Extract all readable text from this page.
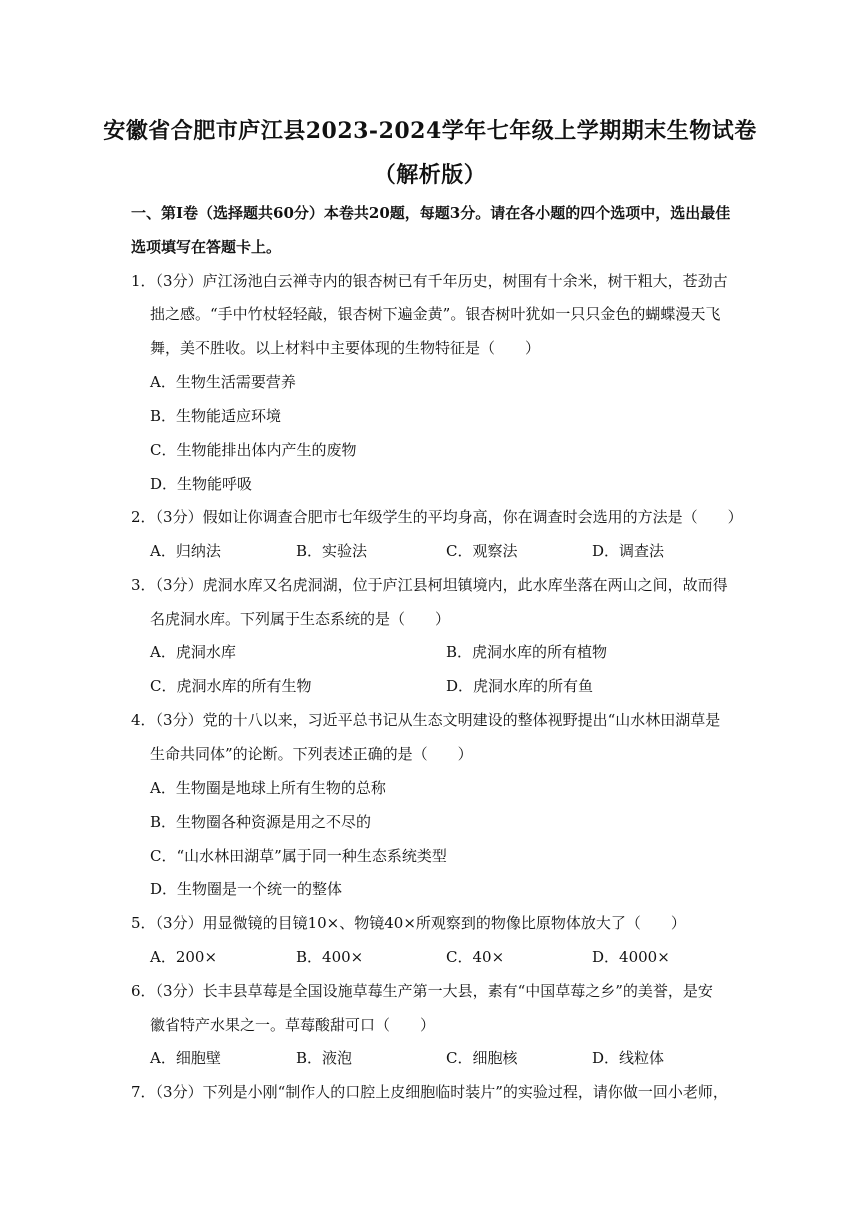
安徽省合肥市庐江县2023-2024学年七年级上学期期末生物试卷
（解析版）
一、第Ⅰ卷（选择题共60分）本卷共20题，每题3分。请在各小题的四个选项中，选出最佳选项填写在答题卡上。
1．（3分）庐江汤池白云禅寺内的银杏树已有千年历史，树围有十余米，树干粗大，苍劲古
拙之感。“手中竹杖轻轻敲，银杏树下遍金黄”。银杏树叶犹如一只只金色的蝴蝶漫天飞
舞，美不胜收。以上材料中主要体现的生物特征是（　　）
A．生物生活需要营养
B．生物能适应环境
C．生物能排出体内产生的废物
D．生物能呼吸
2．（3分）假如让你调查合肥市七年级学生的平均身高，你在调查时会选用的方法是（　　）
A．归纳法	B．实验法	C．观察法	D．调查法
3．（3分）虎洞水库又名虎洞湖，位于庐江县柯坦镇境内，此水库坐落在两山之间，故而得
名虎洞水库。下列属于生态系统的是（　　）
A．虎洞水库	B．虎洞水库的所有植物
C．虎洞水库的所有生物	D．虎洞水库的所有鱼
4．（3分）党的十八以来，习近平总书记从生态文明建设的整体视野提出“山水林田湖草是
生命共同体”的论断。下列表述正确的是（　　）
A．生物圈是地球上所有生物的总称
B．生物圈各种资源是用之不尽的
C．“山水林田湖草”属于同一种生态系统类型
D．生物圈是一个统一的整体
5．（3分）用显微镜的目镜10×、物镜40×所观察到的物像比原物体放大了（　　）
A．200×	B．400×	C．40×	D．4000×
6．（3分）长丰县草莓是全国设施草莓生产第一大县，素有“中国草莓之乡”的美誉，是安
徽省特产水果之一。草莓酸甜可口（　　）
A．细胞壁	B．液泡	C．细胞核	D．线粒体
7．（3分）下列是小刚“制作人的口腔上皮细胞临时装片”的实验过程，请你做一回小老师，
